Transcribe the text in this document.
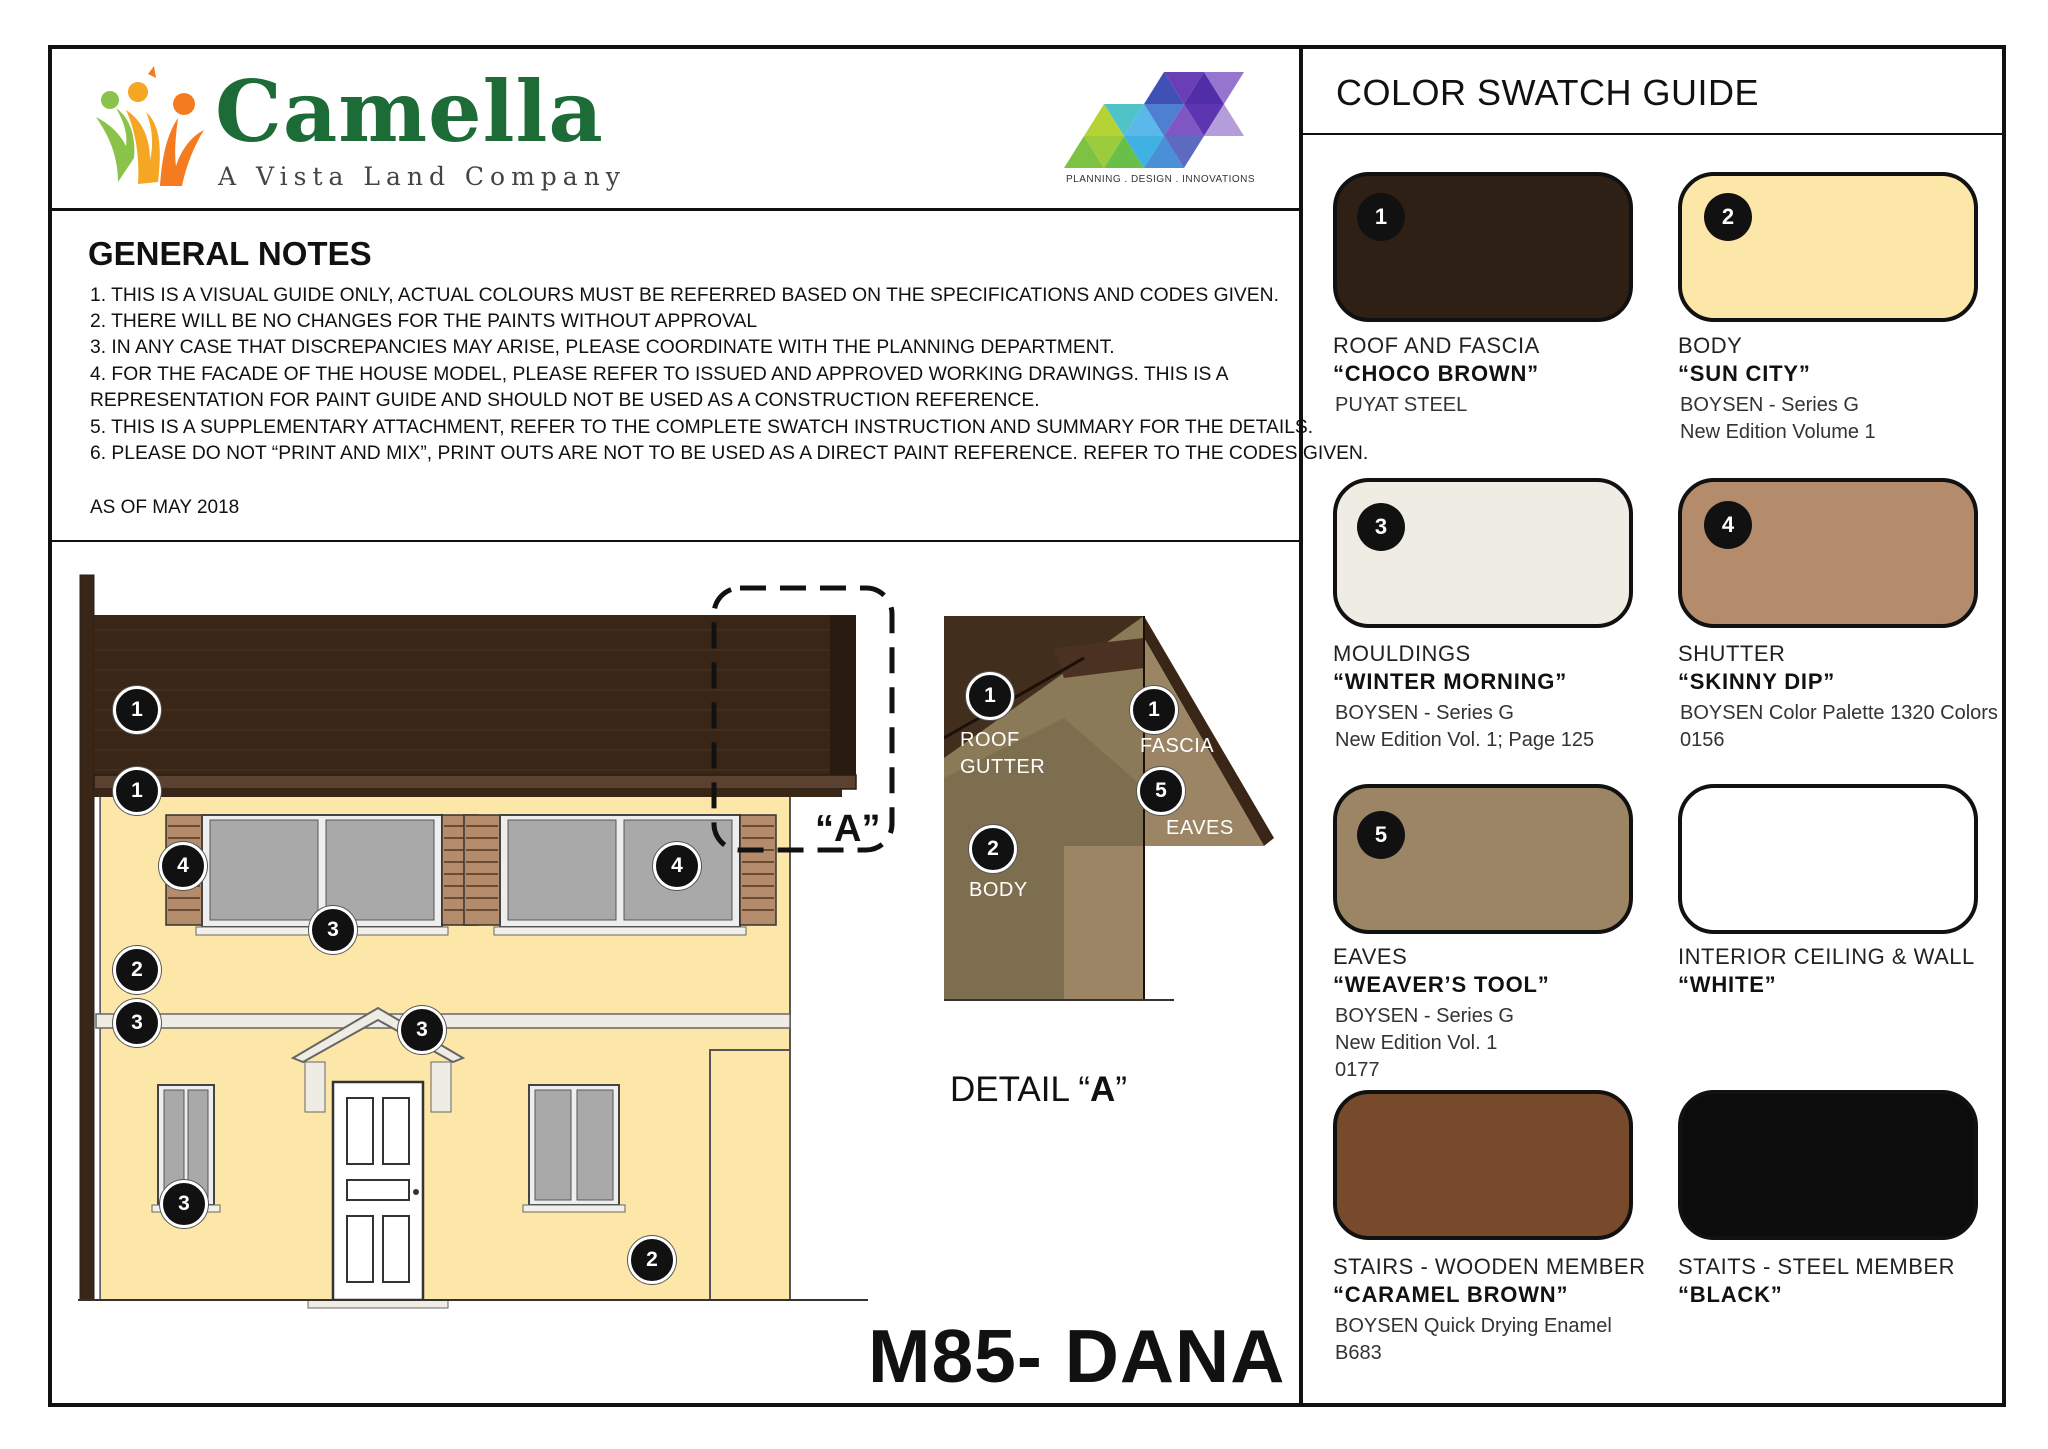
Camella
A Vista Land Company	PLANNING . DESIGN . INNOVATIONS
GENERAL NOTES
1. THIS IS A VISUAL GUIDE ONLY, ACTUAL COLOURS MUST BE REFERRED BASED ON THE SPECIFICATIONS AND CODES GIVEN.
2. THERE WILL BE NO CHANGES FOR THE PAINTS WITHOUT APPROVAL
3. IN ANY CASE THAT DISCREPANCIES MAY ARISE, PLEASE COORDINATE WITH THE PLANNING DEPARTMENT.
4. FOR THE FACADE OF THE HOUSE MODEL, PLEASE REFER TO ISSUED AND APPROVED WORKING DRAWINGS. THIS IS A
REPRESENTATION FOR PAINT GUIDE AND SHOULD NOT BE USED AS A CONSTRUCTION REFERENCE.
5. THIS IS A SUPPLEMENTARY ATTACHMENT, REFER TO THE COMPLETE SWATCH INSTRUCTION AND SUMMARY FOR THE DETAILS.
6. PLEASE DO NOT “PRINT AND MIX”, PRINT OUTS ARE NOT TO BE USED AS A DIRECT PAINT REFERENCE. REFER TO THE CODES GIVEN.
AS OF MAY 2018
“A”
1
1
4	4
3
2
3	3
3
2
1
ROOF
GUTTER
1
FASCIA
5
EAVES
2
BODY
DETAIL “A”
M85- DANA
COLOR SWATCH GUIDE
1
ROOF AND FASCIA
“CHOCO BROWN”
PUYAT STEEL
2
BODY
“SUN CITY”
BOYSEN - Series G
New Edition Volume 1
3
MOULDINGS
“WINTER MORNING”
BOYSEN - Series G
New Edition Vol. 1; Page 125
4
SHUTTER
“SKINNY DIP”
BOYSEN Color Palette 1320 Colors
0156
5
EAVES
“WEAVER’S TOOL”
BOYSEN - Series G
New Edition Vol. 1
0177
INTERIOR CEILING & WALL
“WHITE”
STAIRS - WOODEN MEMBER
“CARAMEL BROWN”
BOYSEN Quick Drying Enamel
B683
STAITS - STEEL MEMBER
“BLACK”
